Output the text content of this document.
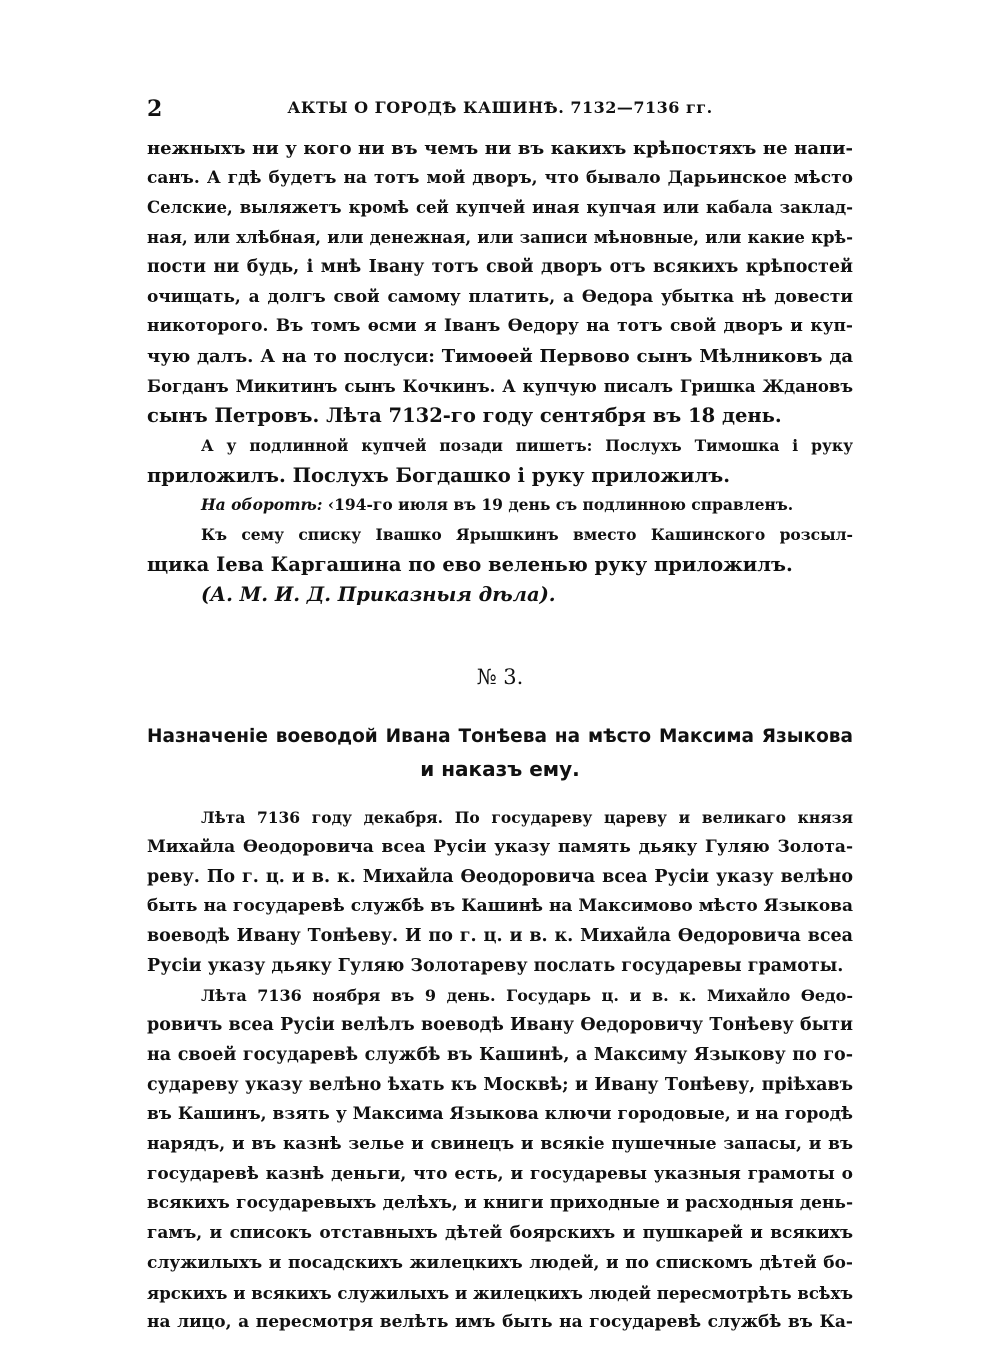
2	АКТЫ О ГОРОДѢ КАШИНѢ. 7132—7136 гг.
нежныхъ ни у кого ни въ чемъ ни въ какихъ крѣпостяхъ не напи-
санъ. А гдѣ будетъ на тотъ мой дворъ, что бывало Дарьинское мѣсто
Селские, выляжетъ кромѣ сей купчей иная купчая или кабала заклад-
ная, или хлѣбная, или денежная, или записи мѣновные, или какие крѣ-
пости ни будь, і мнѣ Івану тотъ свой дворъ отъ всякихъ крѣпостей
очищать, а долгъ свой самому платить, а Ѳедора убытка нѣ довести
никоторого. Въ томъ ѳсми я Іванъ Ѳедору на тотъ свой дворъ и куп-
чую далъ. А на то послуси: Тимоѳей Первово сынъ Мѣлниковъ да
Богданъ Микитинъ сынъ Кочкинъ. А купчую писалъ Гришка Ждановъ
сынъ Петровъ. Лѣта 7132-го году сентября въ 18 день.
А у подлинной купчей позади пишетъ: Послухъ Тимошка і руку
приложилъ. Послухъ Богдашко і руку приложилъ.
На оборотѣ: ‹194-го июля въ 19 день съ подлинною справленъ.
Къ сему списку Івашко Ярышкинъ вместо Кашинского розсыл-
щика Іева Каргашина по ево веленью руку приложилъ.
(А. М. И. Д. Приказныя дѣла).
№ 3.
Назначеніе воеводой Ивана Тонѣева на мѣсто Максима Языкова
и наказъ ему.
Лѣта 7136 году декабря. По государеву цареву и великаго князя
Михайла Ѳеодоровича всеа Русіи указу память дьяку Гуляю Золота-
реву. По г. ц. и в. к. Михайла Ѳеодоровича всеа Русіи указу велѣно
быть на государевѣ службѣ въ Кашинѣ на Максимово мѣсто Языкова
воеводѣ Ивану Тонѣеву. И по г. ц. и в. к. Михайла Ѳедоровича всеа
Русіи указу дьяку Гуляю Золотареву послать государевы грамоты.
Лѣта 7136 ноября въ 9 день. Государь ц. и в. к. Михайло Ѳедо-
ровичъ всеа Русіи велѣлъ воеводѣ Ивану Ѳедоровичу Тонѣеву быти
на своей государевѣ службѣ въ Кашинѣ, а Максиму Языкову по го-
судареву указу велѣно ѣхать къ Москвѣ; и Ивану Тонѣеву, пріѣхавъ
въ Кашинъ, взять у Максима Языкова ключи городовые, и на городѣ
нарядъ, и въ казнѣ зелье и свинецъ и всякіе пушечные запасы, и въ
государевѣ казнѣ деньги, что есть, и государевы указныя грамоты о
всякихъ государевыхъ делѣхъ, и книги приходные и расходныя день-
гамъ, и списокъ отставныхъ дѣтей боярскихъ и пушкарей и всякихъ
служилыхъ и посадскихъ жилецкихъ людей, и по спискомъ дѣтей бо-
ярскихъ и всякихъ служилыхъ и жилецкихъ людей пересмотрѣть всѣхъ
на лицо, а пересмотря велѣть имъ быть на государевѣ службѣ въ Ка-
